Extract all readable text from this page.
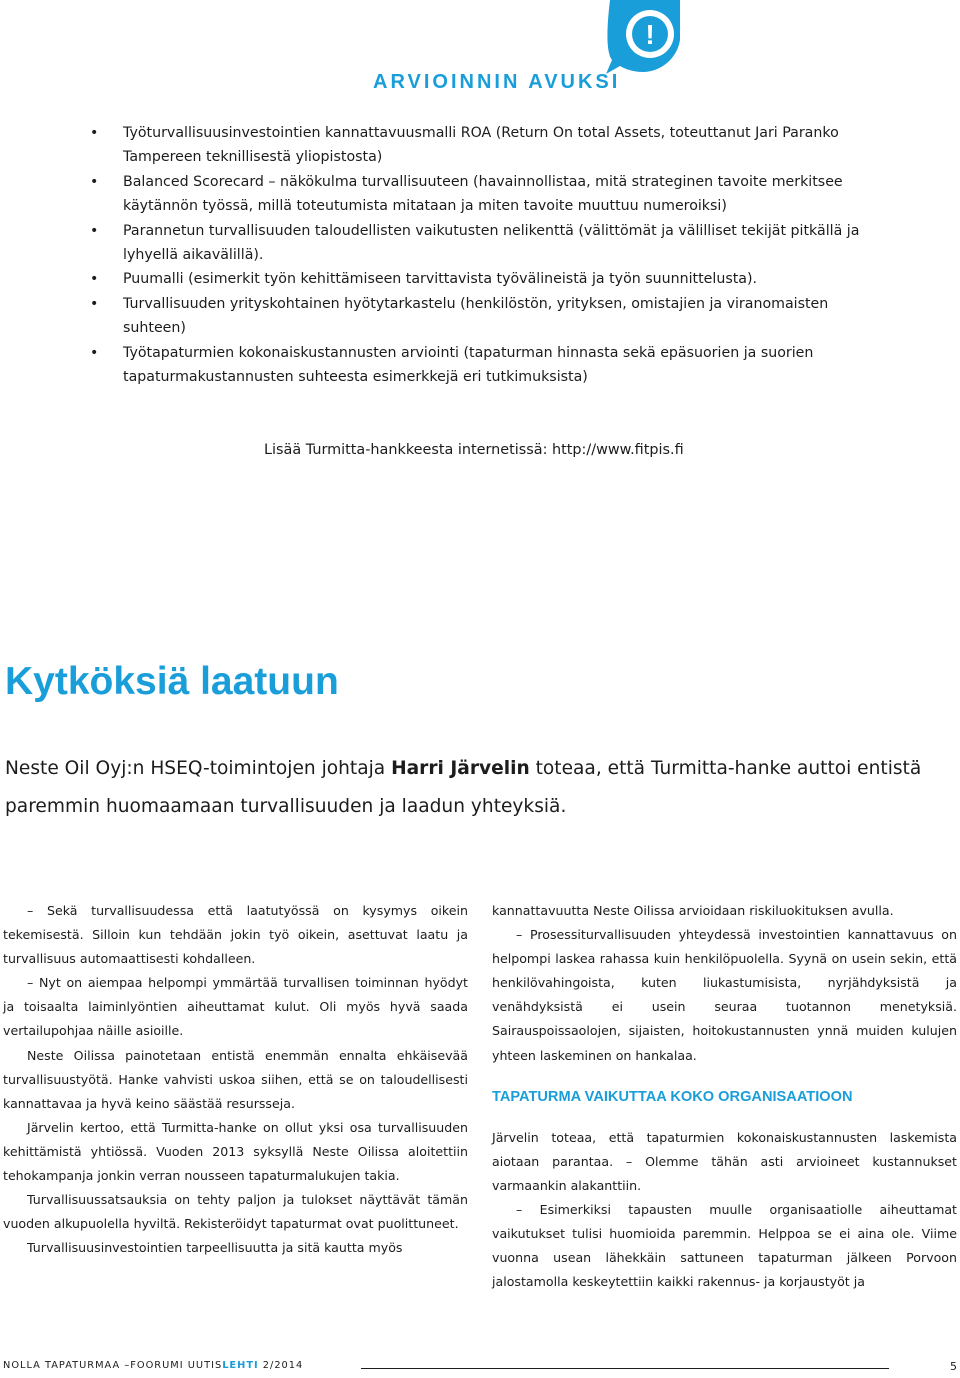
!
ARVIOINNIN AVUKSI
• Työturvallisuusinvestointien kannattavuusmalli ROA (Return On total Assets, toteuttanut Jari Paranko Tampereen teknillisestä yliopistosta)
• Balanced Scorecard – näkökulma turvallisuuteen (havainnollistaa, mitä strateginen tavoite merkitsee käytännön työssä, millä toteutumista mitataan ja miten tavoite muuttuu numeroiksi)
• Parannetun turvallisuuden taloudellisten vaikutusten nelikenttä (välittömät ja välilliset tekijät pitkällä ja lyhyellä aikavälillä).
• Puumalli (esimerkit työn kehittämiseen tarvittavista työvälineistä ja työn suunnittelusta).
• Turvallisuuden yrityskohtainen hyötytarkastelu (henkilöstön, yrityksen, omistajien ja viranomaisten suhteen)
• Työtapaturmien kokonaiskustannusten arviointi (tapaturman hinnasta sekä epäsuorien ja suorien tapaturmakustannusten suhteesta esimerkkejä eri tutkimuksista)

Lisää Turmitta-hankkeesta internetissä: http://www.fitpis.fi

Kytköksiä laatuun

Neste Oil Oyj:n HSEQ-toimintojen johtaja Harri Järvelin toteaa, että Turmitta-hanke auttoi entistä paremmin huomaamaan turvallisuuden ja laadun yhteyksiä.

– Sekä turvallisuudessa että laatutyössä on kysymys oikein tekemisestä. Silloin kun tehdään jokin työ oikein, asettuvat laatu ja turvallisuus automaattisesti kohdalleen.

– Nyt on aiempaa helpompi ymmärtää turvallisen toiminnan hyödyt ja toisaalta laiminlyöntien aiheuttamat kulut. Oli myös hyvä saada vertailupohjaa näille asioille.

Neste Oilissa painotetaan entistä enemmän ennalta ehkäisevää turvallisuustyötä. Hanke vahvisti uskoa siihen, että se on taloudellisesti kannattavaa ja hyvä keino säästää resurssejа.

Järvelin kertoo, että Turmitta-hanke on ollut yksi osa turvallisuuden kehittämistä yhtiössä. Vuoden 2013 syksyllä Neste Oilissa aloitettiin tehokampanja jonkin verran nousseen tapaturmalukujen takia.

Turvallisuussatsauksia on tehty paljon ja tulokset näyttävät tämän vuoden alkupuolella hyviltä. Rekisteröidyt tapaturmat ovat puolittuneet.

Turvallisuusinvestointien tarpeellisuutta ja sitä kautta myös

kannattavuutta Neste Oilissa arvioidaan riskiluokituksen avulla.

– Prosessiturvallisuuden yhteydessä investointien kannattavuus on helpompi laskea rahassa kuin henkilöpuolella. Syynä on usein sekin, että henkilövahingoista, kuten liukastumisista, nyrjähdyksistä ja venähdyksistä ei usein seuraa tuotannon menetyksiä. Sairauspoissaolojen, sijaisten, hoitokustannusten ynnä muiden kulujen yhteen laskeminen on hankalaa.

TAPATURMA VAIKUTTAA KOKO ORGANISAATIOON

Järvelin toteaa, että tapaturmien kokonaiskustannusten laskemista aiotaan parantaa. – Olemme tähän asti arvioineet kustannukset varmaankin alakanttiin.

– Esimerkiksi tapausten muulle organisaatiolle aiheuttamat vaikutukset tulisi huomioida paremmin. Helppoa se ei aina ole. Viime vuonna usean lähekkäin sattuneen tapaturman jälkeen Porvoon jalostamolla keskeytettiin kaikki rakennus- ja korjaustyöt ja

NOLLA TAPATURMAA –FOORUMI UUTISLEHTI 2/2014	5
